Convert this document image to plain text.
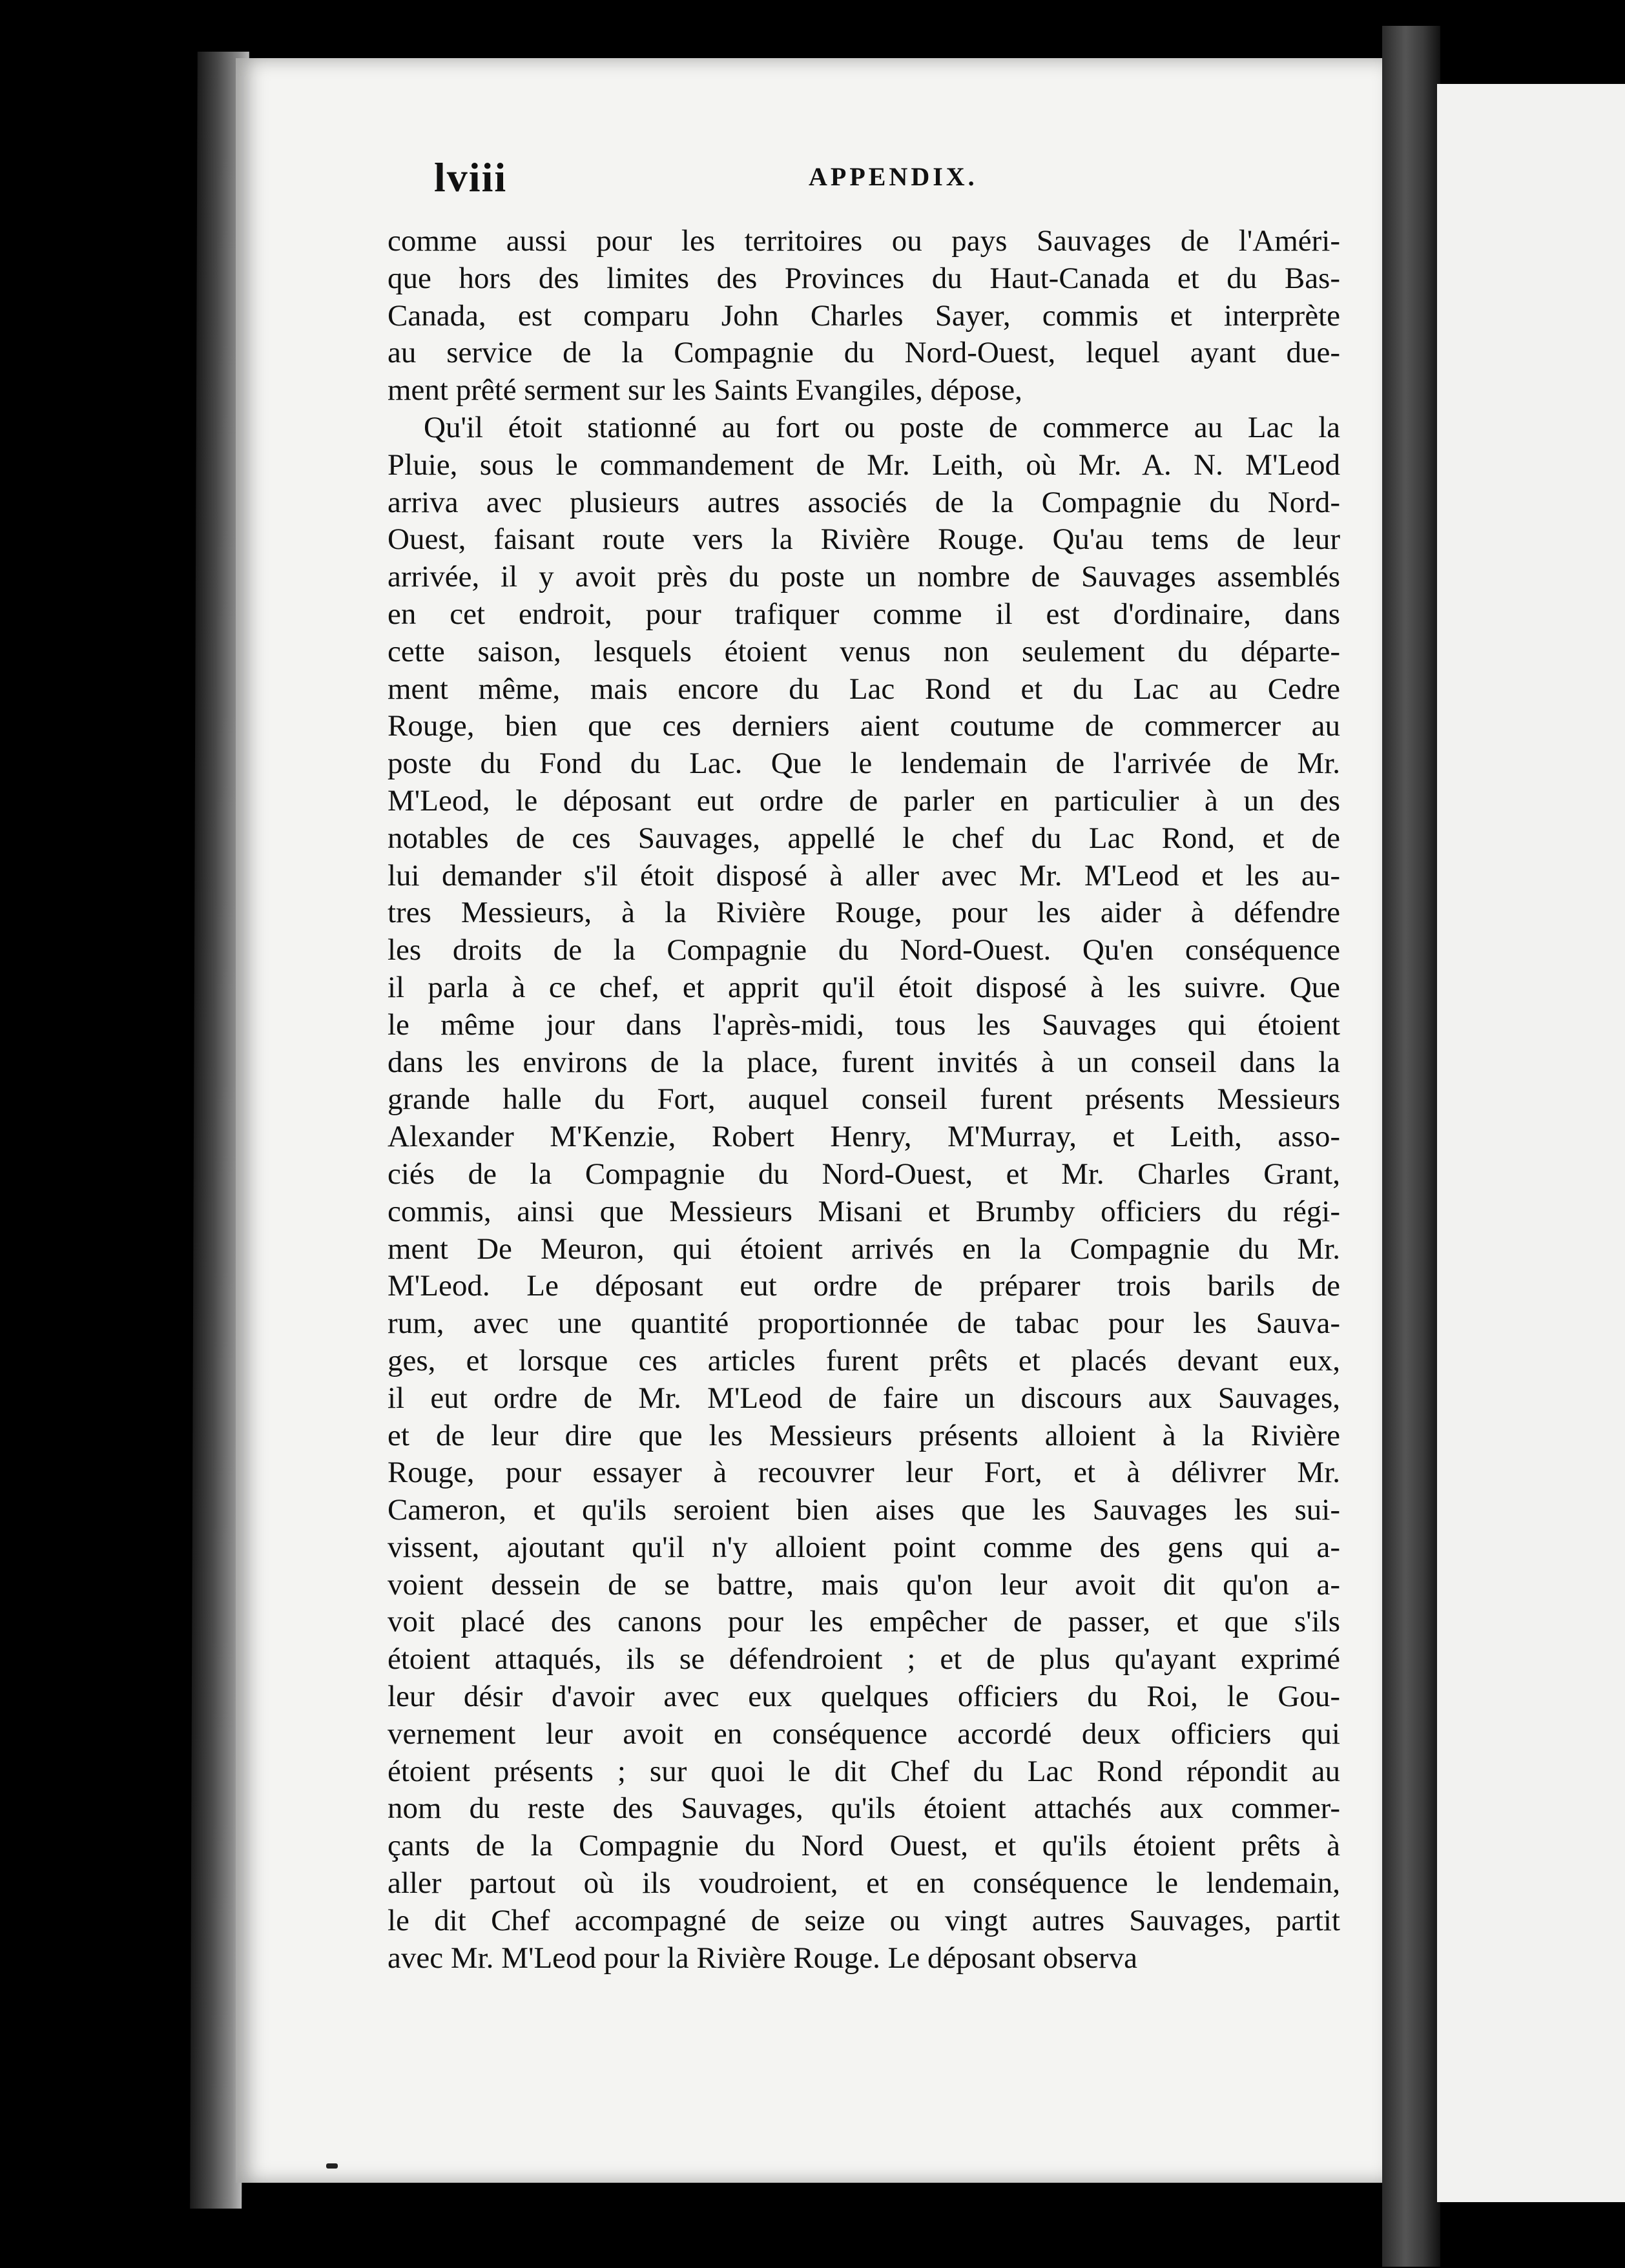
lviii	APPENDIX.
comme aussi pour les territoires ou pays Sauvages de l'Améri-
que hors des limites des Provinces du Haut-Canada et du Bas-
Canada, est comparu John Charles Sayer, commis et interprète
au service de la Compagnie du Nord-Ouest, lequel ayant due-
ment prêté serment sur les Saints Evangiles, dépose,
Qu'il étoit stationné au fort ou poste de commerce au Lac la
Pluie, sous le commandement de Mr. Leith, où Mr. A. N. M'Leod
arriva avec plusieurs autres associés de la Compagnie du Nord-
Ouest, faisant route vers la Rivière Rouge. Qu'au tems de leur
arrivée, il y avoit près du poste un nombre de Sauvages assemblés
en cet endroit, pour trafiquer comme il est d'ordinaire, dans
cette saison, lesquels étoient venus non seulement du départe-
ment même, mais encore du Lac Rond et du Lac au Cedre
Rouge, bien que ces derniers aient coutume de commercer au
poste du Fond du Lac. Que le lendemain de l'arrivée de Mr.
M'Leod, le déposant eut ordre de parler en particulier à un des
notables de ces Sauvages, appellé le chef du Lac Rond, et de
lui demander s'il étoit disposé à aller avec Mr. M'Leod et les au-
tres Messieurs, à la Rivière Rouge, pour les aider à défendre
les droits de la Compagnie du Nord-Ouest. Qu'en conséquence
il parla à ce chef, et apprit qu'il étoit disposé à les suivre. Que
le même jour dans l'après-midi, tous les Sauvages qui étoient
dans les environs de la place, furent invités à un conseil dans la
grande halle du Fort, auquel conseil furent présents Messieurs
Alexander M'Kenzie, Robert Henry, M'Murray, et Leith, asso-
ciés de la Compagnie du Nord-Ouest, et Mr. Charles Grant,
commis, ainsi que Messieurs Misani et Brumby officiers du régi-
ment De Meuron, qui étoient arrivés en la Compagnie du Mr.
M'Leod. Le déposant eut ordre de préparer trois barils de
rum, avec une quantité proportionnée de tabac pour les Sauva-
ges, et lorsque ces articles furent prêts et placés devant eux,
il eut ordre de Mr. M'Leod de faire un discours aux Sauvages,
et de leur dire que les Messieurs présents alloient à la Rivière
Rouge, pour essayer à recouvrer leur Fort, et à délivrer Mr.
Cameron, et qu'ils seroient bien aises que les Sauvages les sui-
vissent, ajoutant qu'il n'y alloient point comme des gens qui a-
voient dessein de se battre, mais qu'on leur avoit dit qu'on a-
voit placé des canons pour les empêcher de passer, et que s'ils
étoient attaqués, ils se défendroient ; et de plus qu'ayant exprimé
leur désir d'avoir avec eux quelques officiers du Roi, le Gou-
vernement leur avoit en conséquence accordé deux officiers qui
étoient présents ; sur quoi le dit Chef du Lac Rond répondit au
nom du reste des Sauvages, qu'ils étoient attachés aux commer-
çants de la Compagnie du Nord Ouest, et qu'ils étoient prêts à
aller partout où ils voudroient, et en conséquence le lendemain,
le dit Chef accompagné de seize ou vingt autres Sauvages, partit
avec Mr. M'Leod pour la Rivière Rouge. Le déposant observa
